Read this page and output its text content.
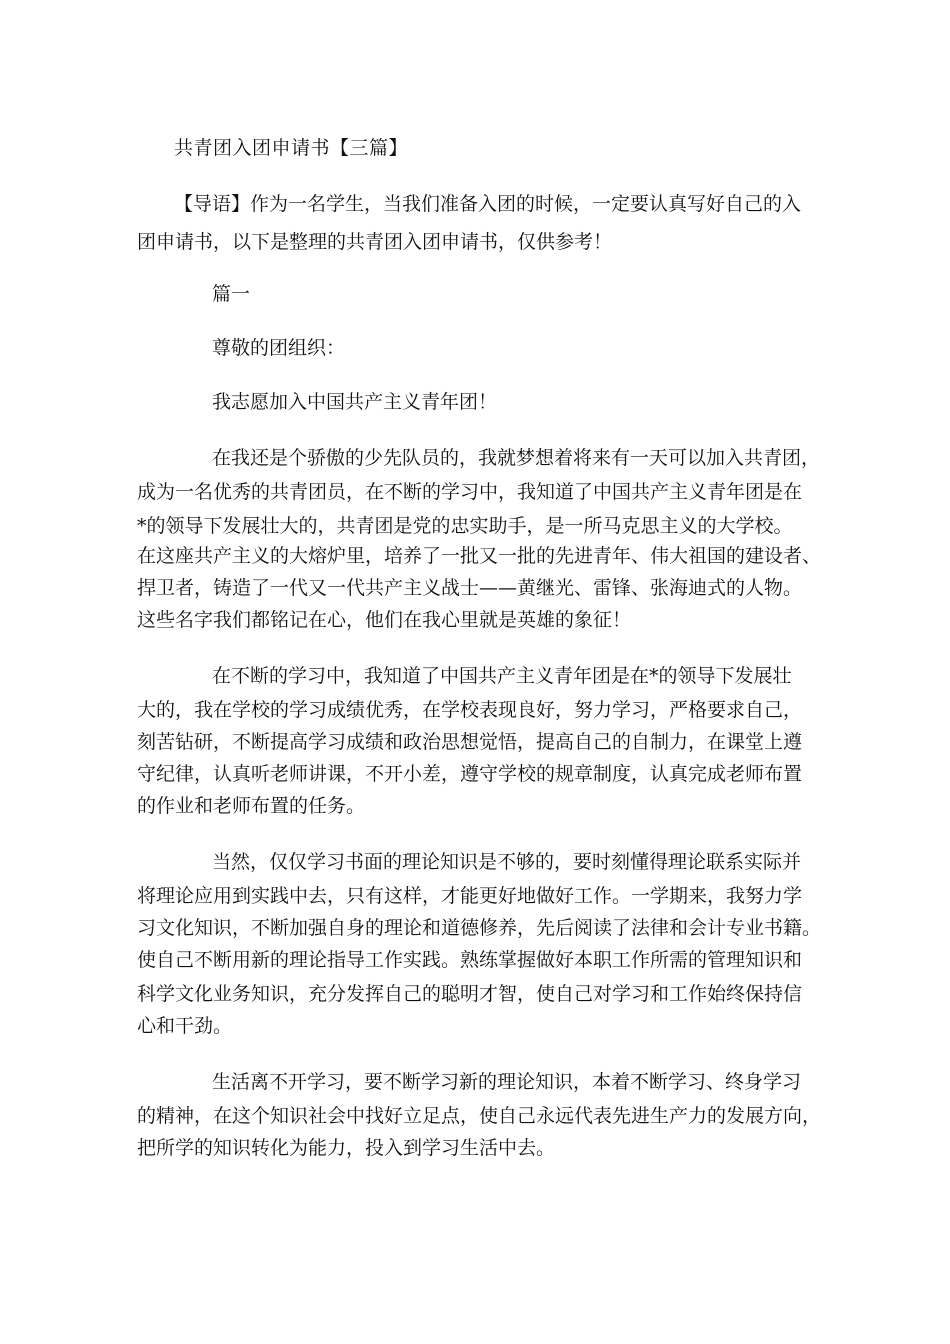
共青团入团申请书【三篇】
【导语】作为一名学生，当我们准备入团的时候，一定要认真写好自己的入
团申请书，以下是整理的共青团入团申请书，仅供参考！
篇一
尊敬的团组织：
我志愿加入中国共产主义青年团！
在我还是个骄傲的少先队员的，我就梦想着将来有一天可以加入共青团，
成为一名优秀的共青团员，在不断的学习中，我知道了中国共产主义青年团是在
*的领导下发展壮大的，共青团是党的忠实助手，是一所马克思主义的大学校。
在这座共产主义的大熔炉里，培养了一批又一批的先进青年、伟大祖国的建设者、
捍卫者，铸造了一代又一代共产主义战士——黄继光、雷锋、张海迪式的人物。
这些名字我们都铭记在心，他们在我心里就是英雄的象征！
在不断的学习中，我知道了中国共产主义青年团是在*的领导下发展壮
大的，我在学校的学习成绩优秀，在学校表现良好，努力学习，严格要求自己，
刻苦钻研，不断提高学习成绩和政治思想觉悟，提高自己的自制力，在课堂上遵
守纪律，认真听老师讲课，不开小差，遵守学校的规章制度，认真完成老师布置
的作业和老师布置的任务。
当然，仅仅学习书面的理论知识是不够的，要时刻懂得理论联系实际并
将理论应用到实践中去，只有这样，才能更好地做好工作。一学期来，我努力学
习文化知识，不断加强自身的理论和道德修养，先后阅读了法律和会计专业书籍。
使自己不断用新的理论指导工作实践。熟练掌握做好本职工作所需的管理知识和
科学文化业务知识，充分发挥自己的聪明才智，使自己对学习和工作始终保持信
心和干劲。
生活离不开学习，要不断学习新的理论知识，本着不断学习、终身学习
的精神，在这个知识社会中找好立足点，使自己永远代表先进生产力的发展方向，
把所学的知识转化为能力，投入到学习生活中去。
